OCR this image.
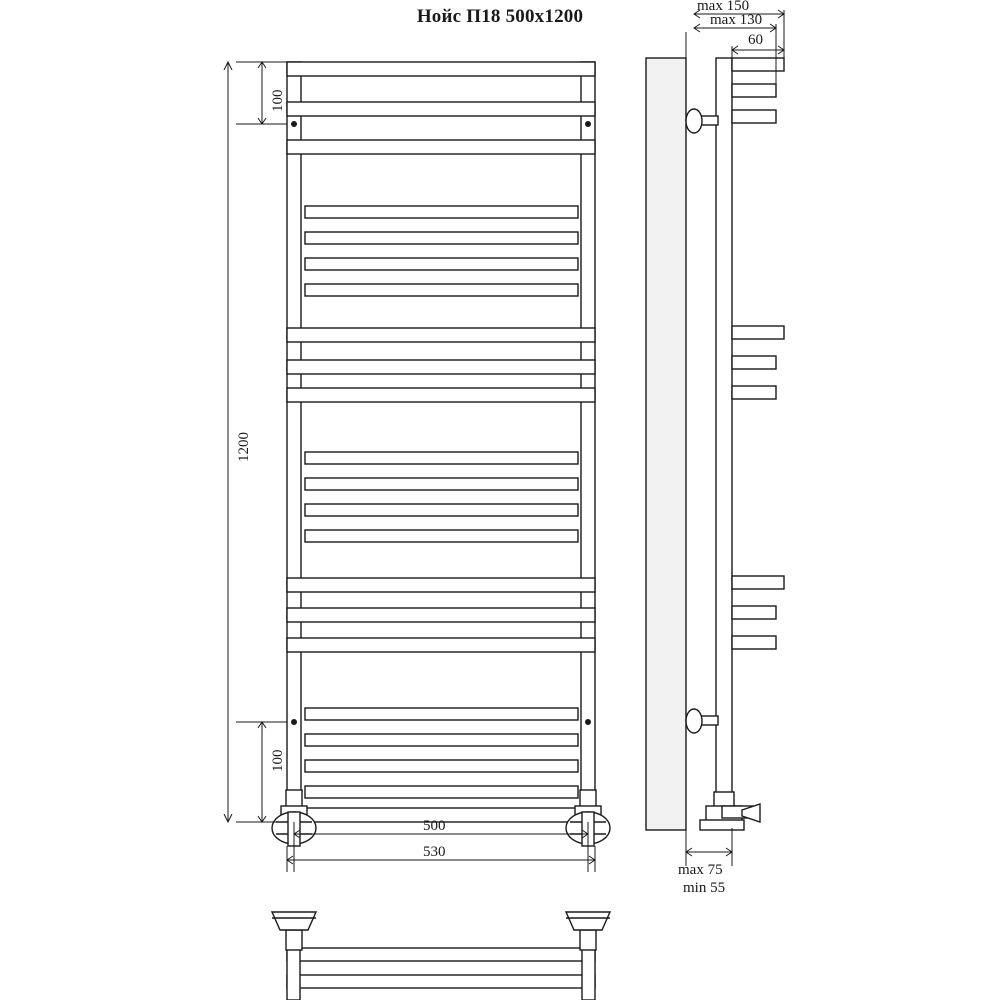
Нойс П18 500x1200
100
1200
100
500
530
max 150
max 130
60
max 75
min 55
